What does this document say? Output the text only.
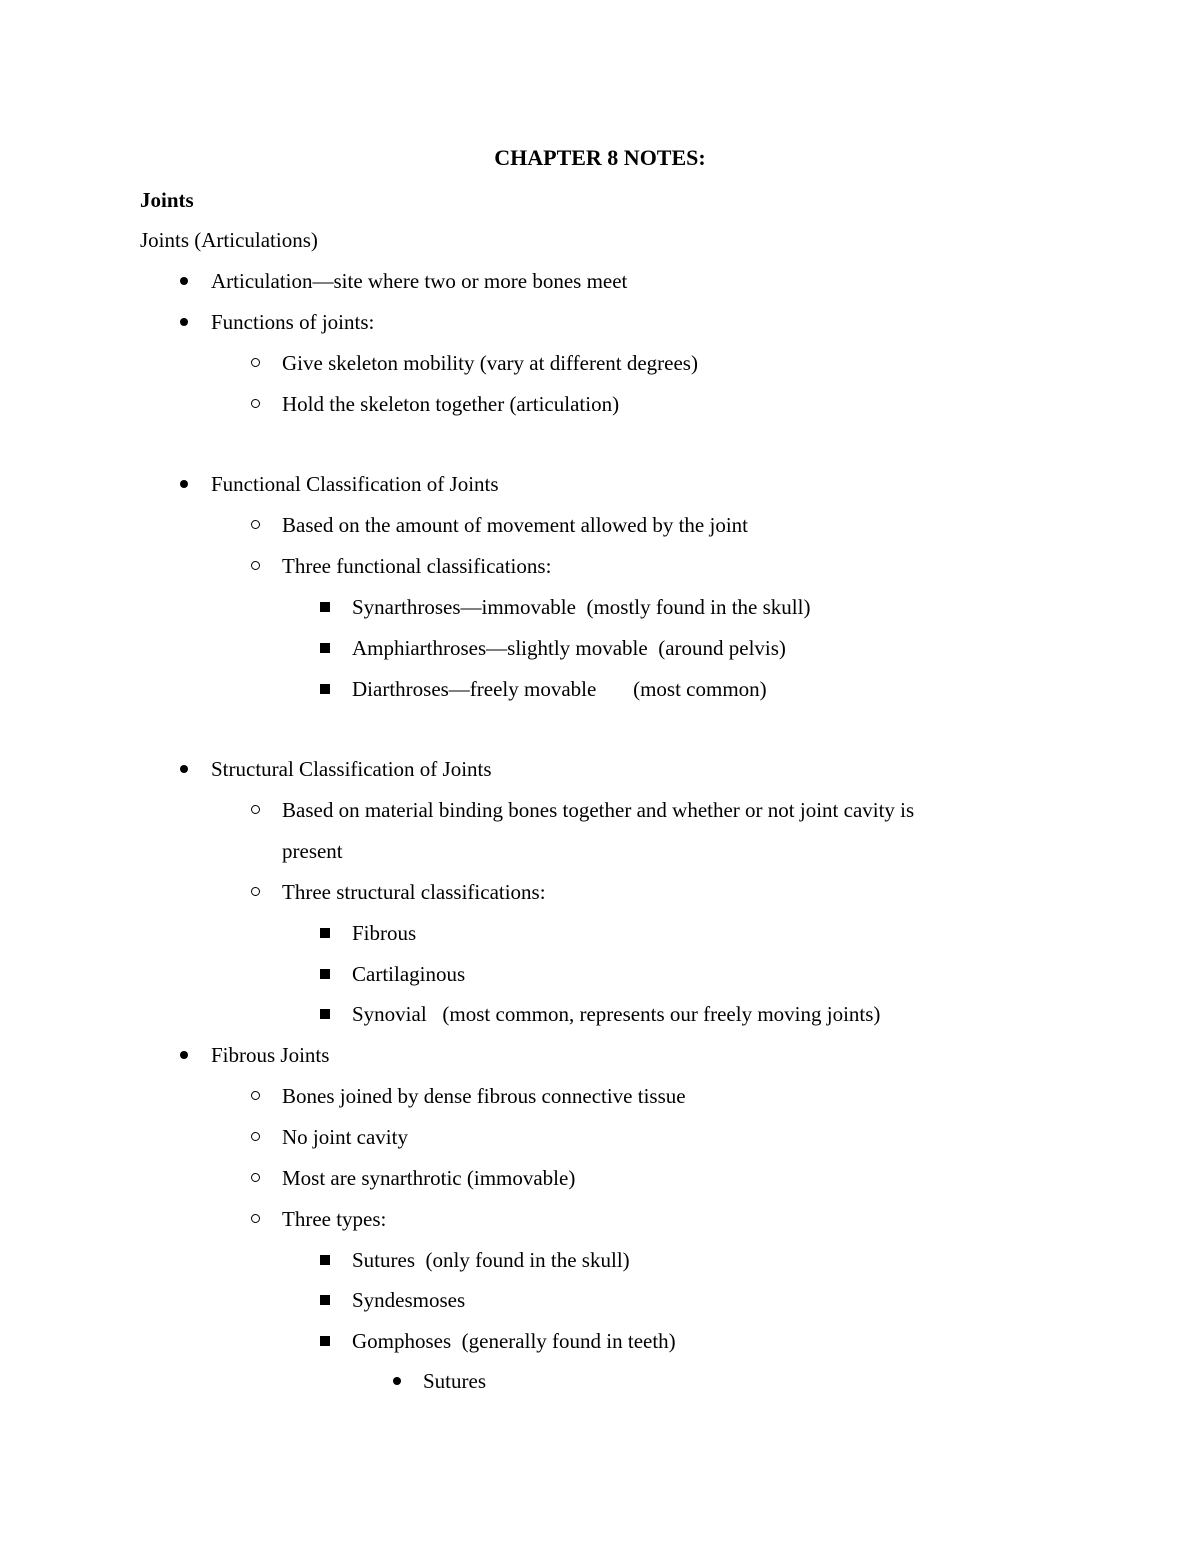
CHAPTER 8 NOTES:
Joints
Joints (Articulations)
Articulation—site where two or more bones meet
Functions of joints:
Give skeleton mobility (vary at different degrees)
Hold the skeleton together (articulation)
Functional Classification of Joints
Based on the amount of movement allowed by the joint
Three functional classifications:
Synarthroses—immovable  (mostly found in the skull)
Amphiarthroses—slightly movable  (around pelvis)
Diarthroses—freely movable       (most common)
Structural Classification of Joints
Based on material binding bones together and whether or not joint cavity is
present
Three structural classifications:
Fibrous
Cartilaginous
Synovial   (most common, represents our freely moving joints)
Fibrous Joints
Bones joined by dense fibrous connective tissue
No joint cavity
Most are synarthrotic (immovable)
Three types:
Sutures  (only found in the skull)
Syndesmoses
Gomphoses  (generally found in teeth)
Sutures
